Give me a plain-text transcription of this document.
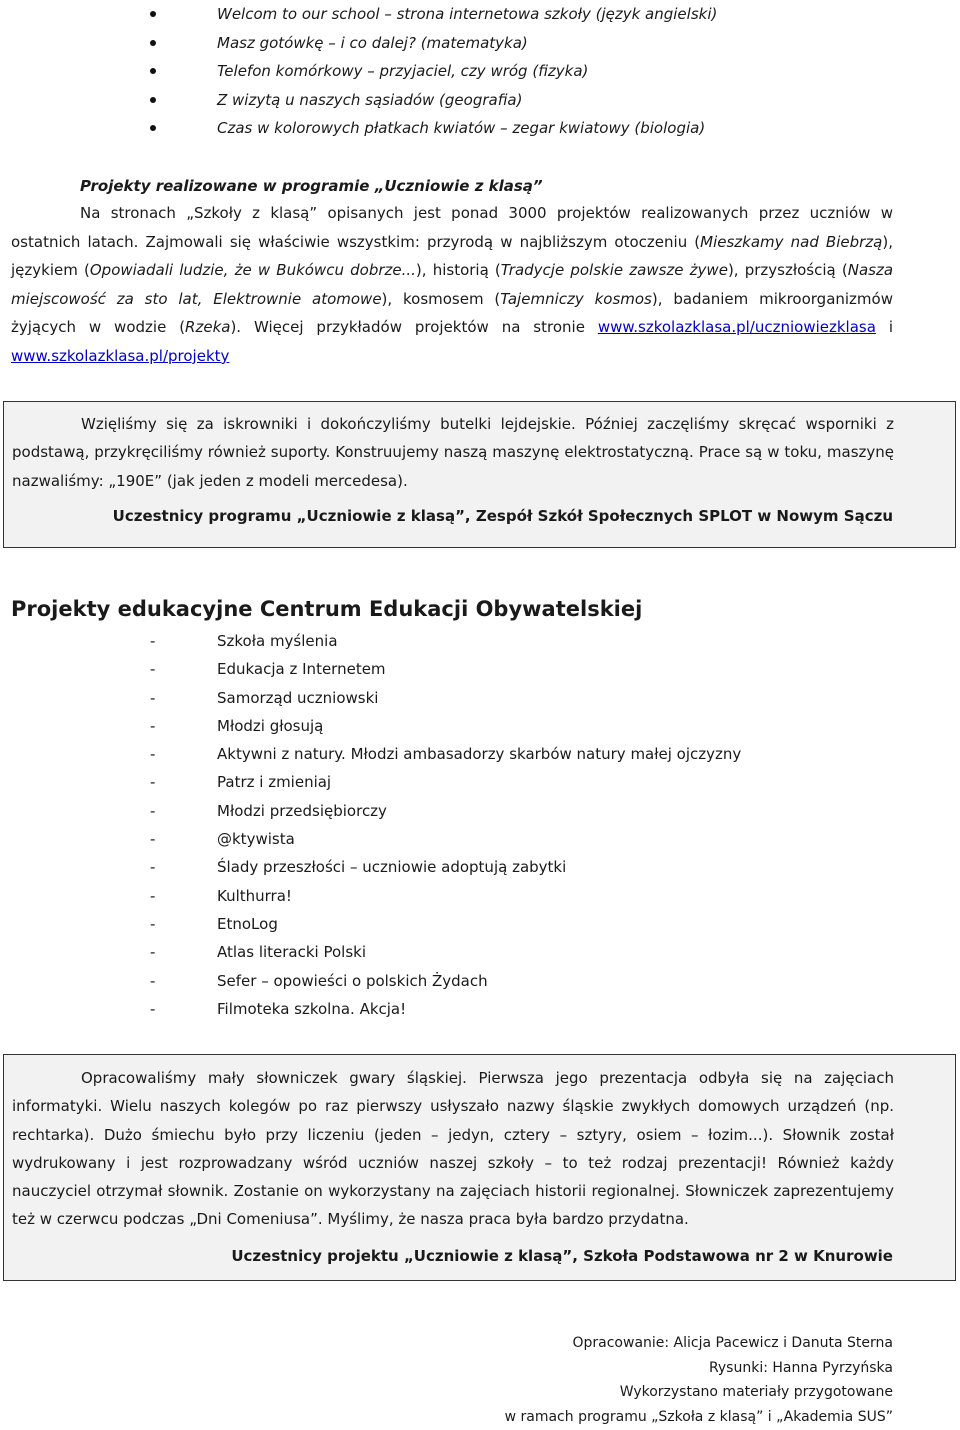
Welcom to our school – strona internetowa szkoły (język angielski)
Masz gotówkę – i co dalej? (matematyka)
Telefon komórkowy – przyjaciel, czy wróg (fizyka)
Z wizytą u naszych sąsiadów (geografia)
Czas w kolorowych płatkach kwiatów – zegar kwiatowy (biologia)
Projekty realizowane w programie „Uczniowie z klasą”
Na stronach „Szkoły z klasą” opisanych jest ponad 3000 projektów realizowanych przez uczniów w ostatnich latach. Zajmowali się właściwie wszystkim: przyrodą w najbliższym otoczeniu (Mieszkamy nad Biebrzą), językiem (Opowiadali ludzie, że w Bukówcu dobrze...), historią (Tradycje polskie zawsze żywe), przyszłością (Nasza miejscowość za sto lat, Elektrownie atomowe), kosmosem (Tajemniczy kosmos), badaniem mikroorganizmów żyjących w wodzie (Rzeka). Więcej przykładów projektów na stronie www.szkolazklasa.pl/uczniowiezklasa i www.szkolazklasa.pl/projekty

Wzięliśmy się za iskrowniki i dokończyliśmy butelki lejdejskie. Później zaczęliśmy skręcać wsporniki z podstawą, przykręciliśmy również suporty. Konstruujemy naszą maszynę elektrostatyczną. Prace są w toku, maszynę nazwaliśmy: „190E” (jak jeden z modeli mercedesa).

Uczestnicy programu „Uczniowie z klasą”, Zespół Szkół Społecznych SPLOT w Nowym Sączu
Projekty edukacyjne Centrum Edukacji Obywatelskiej
-	Szkoła myślenia
-	Edukacja z Internetem
-	Samorząd uczniowski
-	Młodzi głosują
-	Aktywni z natury. Młodzi ambasadorzy skarbów natury małej ojczyzny
-	Patrz i zmieniaj
-	Młodzi przedsiębiorczy
-	@ktywista
-	Ślady przeszłości – uczniowie adoptują zabytki
-	Kulthurra!
-	EtnoLog
-	Atlas literacki Polski
-	Sefer – opowieści o polskich Żydach
-	Filmoteka szkolna. Akcja!

Opracowaliśmy mały słowniczek gwary śląskiej. Pierwsza jego prezentacja odbyła się na zajęciach informatyki. Wielu naszych kolegów po raz pierwszy usłyszało nazwy śląskie zwykłych domowych urządzeń (np. rechtarka). Dużo śmiechu było przy liczeniu (jeden – jedyn, cztery – sztyry, osiem – łozim...). Słownik został wydrukowany i jest rozprowadzany wśród uczniów naszej szkoły – to też rodzaj prezentacji! Również każdy nauczyciel otrzymał słownik. Zostanie on wykorzystany na zajęciach historii regionalnej. Słowniczek zaprezentujemy też w czerwcu podczas „Dni Comeniusa”. Myślimy, że nasza praca była bardzo przydatna.

Uczestnicy projektu „Uczniowie z klasą”, Szkoła Podstawowa nr 2 w Knurowie
Opracowanie: Alicja Pacewicz i Danuta Sterna
Rysunki: Hanna Pyrzyńska
Wykorzystano materiały przygotowane
w ramach programu „Szkoła z klasą” i „Akademia SUS”
